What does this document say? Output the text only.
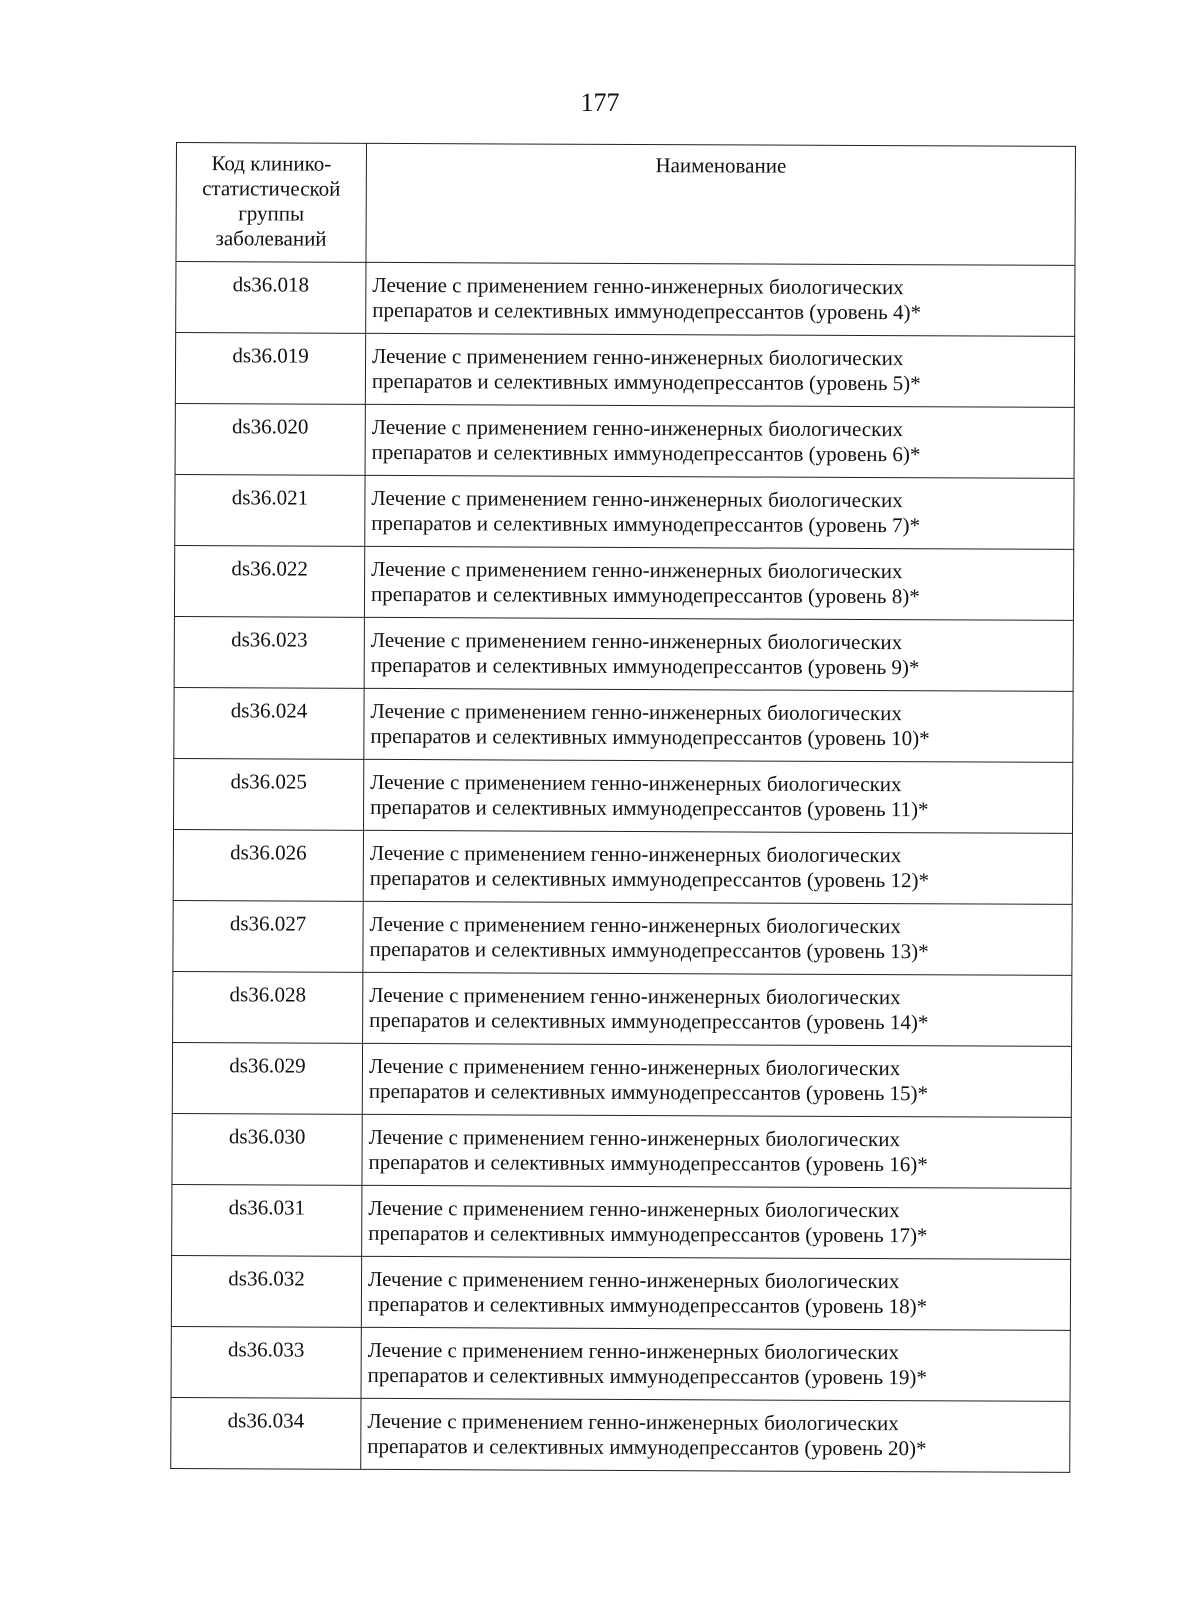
177
Код клинико-
статистической
группы
заболеваний	Наименование
ds36.018	Лечение с применением генно-инженерных биологических
препаратов и селективных иммунодепрессантов (уровень 4)*

ds36.019	Лечение с применением генно-инженерных биологических
препаратов и селективных иммунодепрессантов (уровень 5)*

ds36.020	Лечение с применением генно-инженерных биологических
препаратов и селективных иммунодепрессантов (уровень 6)*

ds36.021	Лечение с применением генно-инженерных биологических
препаратов и селективных иммунодепрессантов (уровень 7)*

ds36.022	Лечение с применением генно-инженерных биологических
препаратов и селективных иммунодепрессантов (уровень 8)*

ds36.023	Лечение с применением генно-инженерных биологических
препаратов и селективных иммунодепрессантов (уровень 9)*

ds36.024	Лечение с применением генно-инженерных биологических
препаратов и селективных иммунодепрессантов (уровень 10)*

ds36.025	Лечение с применением генно-инженерных биологических
препаратов и селективных иммунодепрессантов (уровень 11)*

ds36.026	Лечение с применением генно-инженерных биологических
препаратов и селективных иммунодепрессантов (уровень 12)*

ds36.027	Лечение с применением генно-инженерных биологических
препаратов и селективных иммунодепрессантов (уровень 13)*

ds36.028	Лечение с применением генно-инженерных биологических
препаратов и селективных иммунодепрессантов (уровень 14)*

ds36.029	Лечение с применением генно-инженерных биологических
препаратов и селективных иммунодепрессантов (уровень 15)*

ds36.030	Лечение с применением генно-инженерных биологических
препаратов и селективных иммунодепрессантов (уровень 16)*

ds36.031	Лечение с применением генно-инженерных биологических
препаратов и селективных иммунодепрессантов (уровень 17)*

ds36.032	Лечение с применением генно-инженерных биологических
препаратов и селективных иммунодепрессантов (уровень 18)*

ds36.033	Лечение с применением генно-инженерных биологических
препаратов и селективных иммунодепрессантов (уровень 19)*

ds36.034	Лечение с применением генно-инженерных биологических
препаратов и селективных иммунодепрессантов (уровень 20)*
